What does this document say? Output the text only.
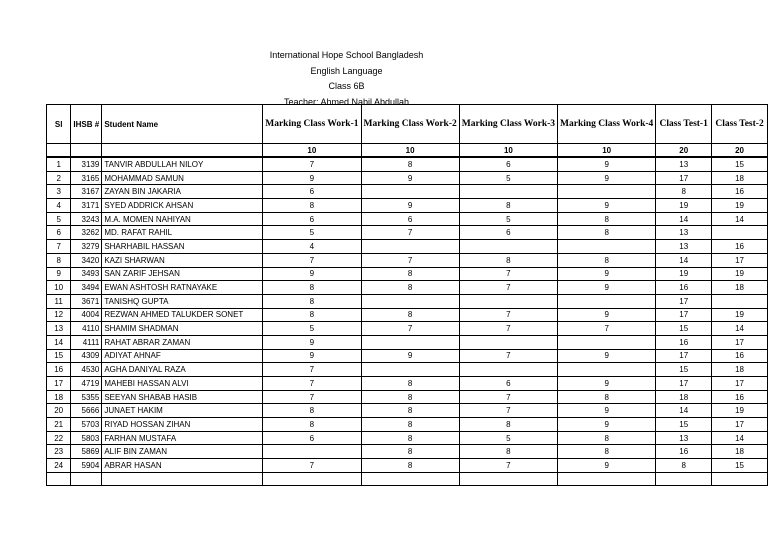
International Hope School Bangladesh
English Language
Class 6B
Teacher: Ahmed Nabil Abdullah
Sl	IHSB #	Student Name	Marking Class Work-1	Marking Class Work-2	Marking Class Work-3	Marking Class Work-4	Class Test-1	Class Test-2
			10	10	10	10	20	20
1	3139	TANVIR ABDULLAH NILOY	7	8	6	9	13	15
2	3165	MOHAMMAD SAMUN	9	9	5	9	17	18
3	3167	ZAYAN BIN JAKARIA	6				8	16
4	3171	SYED ADDRICK AHSAN	8	9	8	9	19	19
5	3243	M.A. MOMEN NAHIYAN	6	6	5	8	14	14
6	3262	MD. RAFAT RAHIL	5	7	6	8	13	
7	3279	SHARHABIL HASSAN	4				13	16
8	3420	KAZI SHARWAN	7	7	8	8	14	17
9	3493	SAN ZARIF JEHSAN	9	8	7	9	19	19
10	3494	EWAN ASHTOSH RATNAYAKE	8	8	7	9	16	18
11	3671	TANISHQ GUPTA	8				17	
12	4004	REZWAN AHMED TALUKDER SONET	8	8	7	9	17	19
13	4110	SHAMIM SHADMAN	5	7	7	7	15	14
14	4111	RAHAT ABRAR ZAMAN	9				16	17
15	4309	ADIYAT AHNAF	9	9	7	9	17	16
16	4530	AGHA DANIYAL RAZA	7				15	18
17	4719	MAHEBI HASSAN ALVI	7	8	6	9	17	17
18	5355	SEEYAN SHABAB HASIB	7	8	7	8	18	16
20	5666	JUNAET HAKIM	8	8	7	9	14	19
21	5703	RIYAD HOSSAN ZIHAN	8	8	8	9	15	17
22	5803	FARHAN MUSTAFA	6	8	5	8	13	14
23	5869	ALIF BIN ZAMAN		8	8	8	16	18
24	5904	ABRAR HASAN	7	8	7	9	8	15
